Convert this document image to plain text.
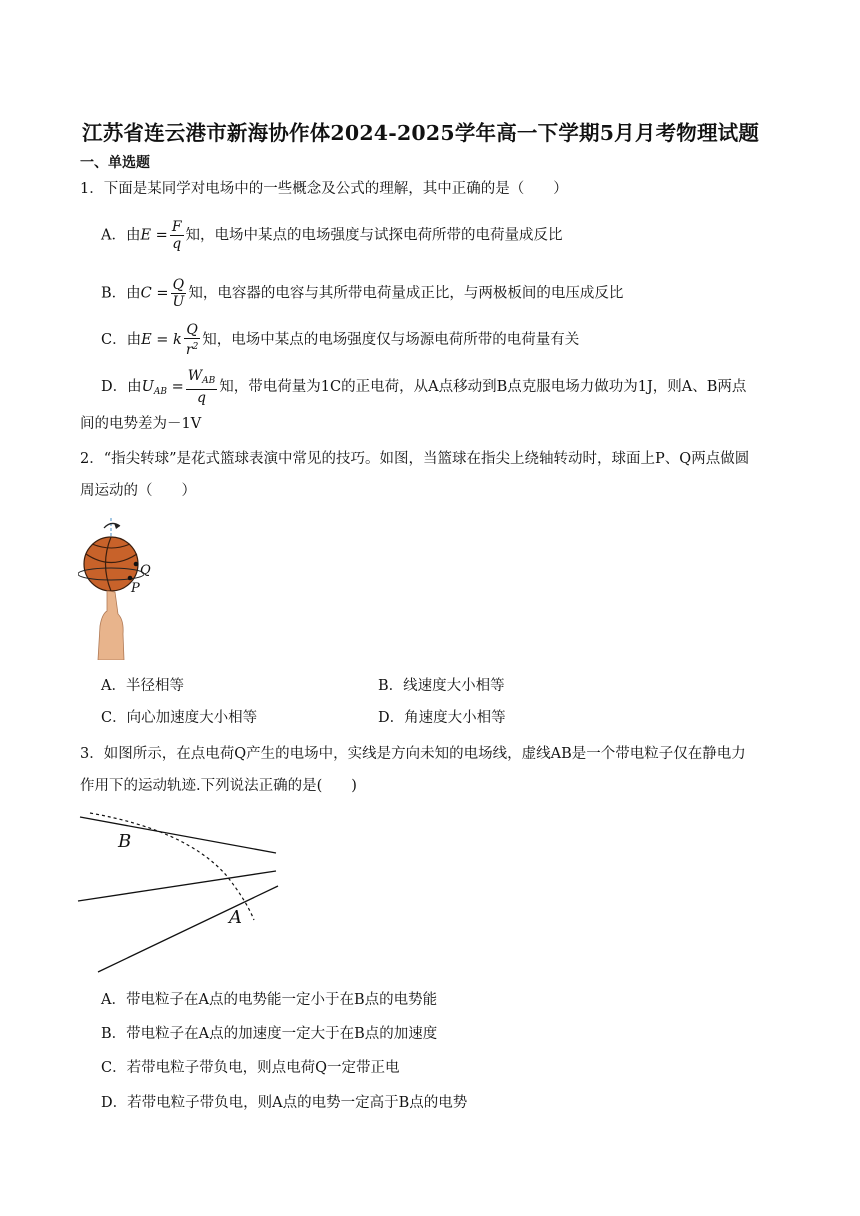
江苏省连云港市新海协作体2024-2025学年高一下学期5月月考物理试题
一、单选题
1．下面是某同学对电场中的一些概念及公式的理解，其中正确的是（　　）
A．由$E = \frac{F}{q}$ 知，电场中某点的电场强度与试探电荷所带的电荷量成反比
B．由$C = \frac{Q}{U}$ 知，电容器的电容与其所带电荷量成正比，与两极板间的电压成反比
C．由E = k $\frac{Q}{r^2}$ 知，电场中某点的电场强度仅与场源电荷所带的电荷量有关
D．由$U_{AB} = \frac{W_{AB}}{q}$ 知，带电荷量为1C的正电荷，从A点移动到B点克服电场力做功为1J，则A、B两点
间的电势差为－1V
2．“指尖转球”是花式篮球表演中常见的技巧。如图，当篮球在指尖上绕轴转动时，球面上P、Q两点做圆
周运动的（　　）
Q
P
A．半径相等	B．线速度大小相等
C．向心加速度大小相等	D．角速度大小相等
3．如图所示，在点电荷Q产生的电场中，实线是方向未知的电场线，虚线AB是一个带电粒子仅在静电力
作用下的运动轨迹.下列说法正确的是(　　)
B
A
A．带电粒子在A点的电势能一定小于在B点的电势能
B．带电粒子在A点的加速度一定大于在B点的加速度
C．若带电粒子带负电，则点电荷Q一定带正电
D．若带电粒子带负电，则A点的电势一定高于B点的电势
